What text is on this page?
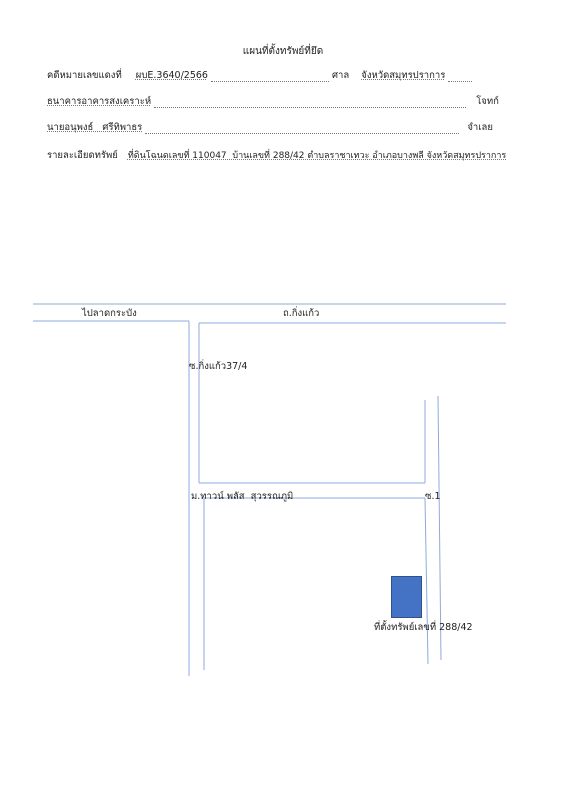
แผนที่ตั้งทรัพย์ที่ยึด
คดีหมายเลขแดงที่ ผบE.3640/2566	ศาล จังหวัดสมุทรปราการ
ธนาคารอาคารสงเคราะห์	โจทก์
นายอนุพงธ์   ศรีทิพาธร	จำเลย
รายละเอียดทรัพย์ ที่ดินโฉนดเลขที่ 110047  บ้านเลขที่ 288/42 ตำบลราชาเทวะ อำเภอบางพลี จังหวัดสมุทรปราการ
ไปลาดกระบัง	ถ.กิ่งแก้ว
ซ.กิ่งแก้ว37/4
ม.ทาวน์ พลัส  สุวรรณภูมิ	ซ.1
ที่ตั้งทรัพย์เลขที่ 288/42
